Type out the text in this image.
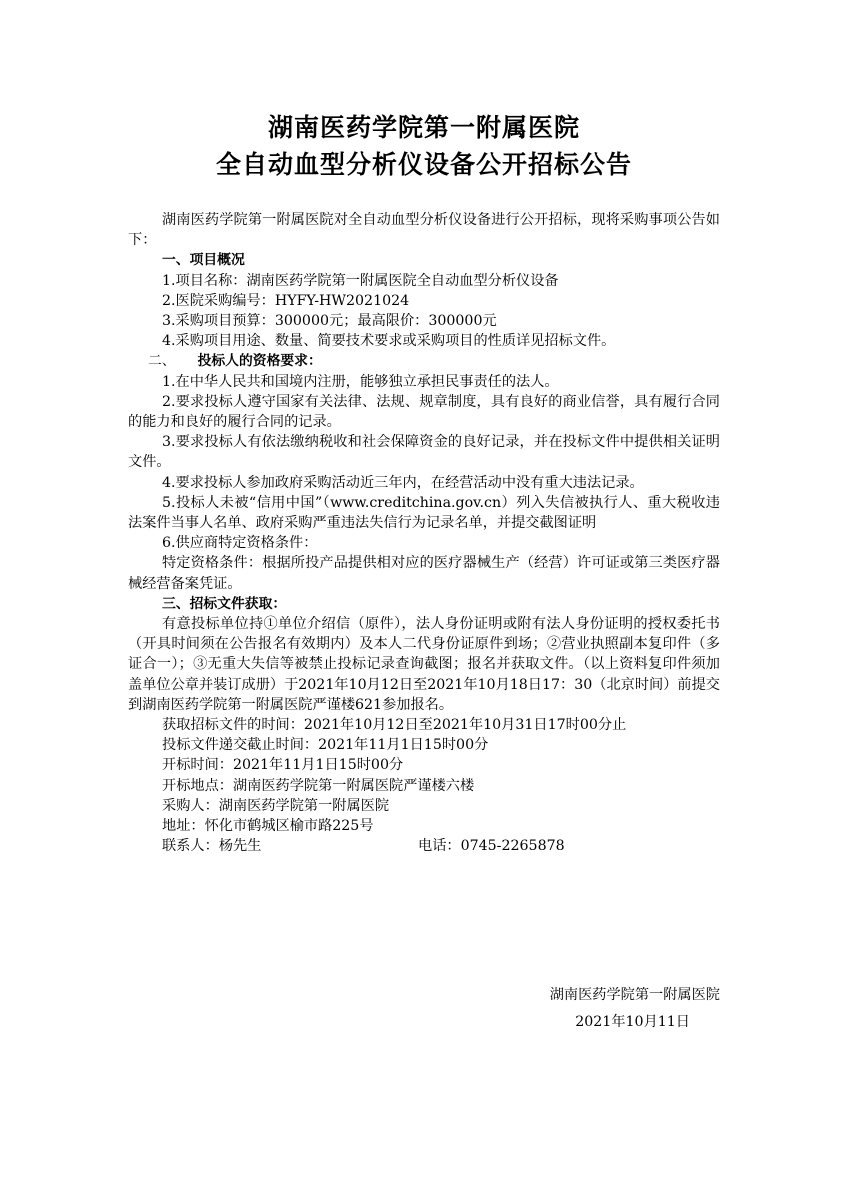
湖南医药学院第一附属医院
全自动血型分析仪设备公开招标公告

湖南医药学院第一附属医院对全自动血型分析仪设备进行公开招标，现将采购事项公告如下：

一、项目概况

1.项目名称：湖南医药学院第一附属医院全自动血型分析仪设备

2.医院采购编号：HYFY-HW2021024

3.采购项目预算：300000元；最高限价：300000元

4.采购项目用途、数量、简要技术要求或采购项目的性质详见招标文件。

二、 投标人的资格要求：

1.在中华人民共和国境内注册，能够独立承担民事责任的法人。

2.要求投标人遵守国家有关法律、法规、规章制度，具有良好的商业信誉，具有履行合同的能力和良好的履行合同的记录。

3.要求投标人有依法缴纳税收和社会保障资金的良好记录，并在投标文件中提供相关证明文件。

4.要求投标人参加政府采购活动近三年内，在经营活动中没有重大违法记录。

5.投标人未被“信用中国”（www.creditchina.gov.cn）列入失信被执行人、重大税收违法案件当事人名单、政府采购严重违法失信行为记录名单，并提交截图证明

6.供应商特定资格条件：

特定资格条件：根据所投产品提供相对应的医疗器械生产（经营）许可证或第三类医疗器械经营备案凭证。

三、招标文件获取：

有意投标单位持①单位介绍信（原件），法人身份证明或附有法人身份证明的授权委托书（开具时间须在公告报名有效期内）及本人二代身份证原件到场；②营业执照副本复印件（多证合一）；③无重大失信等被禁止投标记录查询截图；报名并获取文件。（以上资料复印件须加盖单位公章并装订成册）于2021年10月12日至2021年10月18日17：30（北京时间）前提交到湖南医药学院第一附属医院严谨楼621参加报名。

获取招标文件的时间：2021年10月12日至2021年10月31日17时00分止

投标文件递交截止时间：2021年11月1日15时00分

开标时间：2021年11月1日15时00分

开标地点：湖南医药学院第一附属医院严谨楼六楼

采购人：湖南医药学院第一附属医院

地址：怀化市鹤城区榆市路225号

联系人：杨先生	电话：0745-2265878

湖南医药学院第一附属医院
2021年10月11日
